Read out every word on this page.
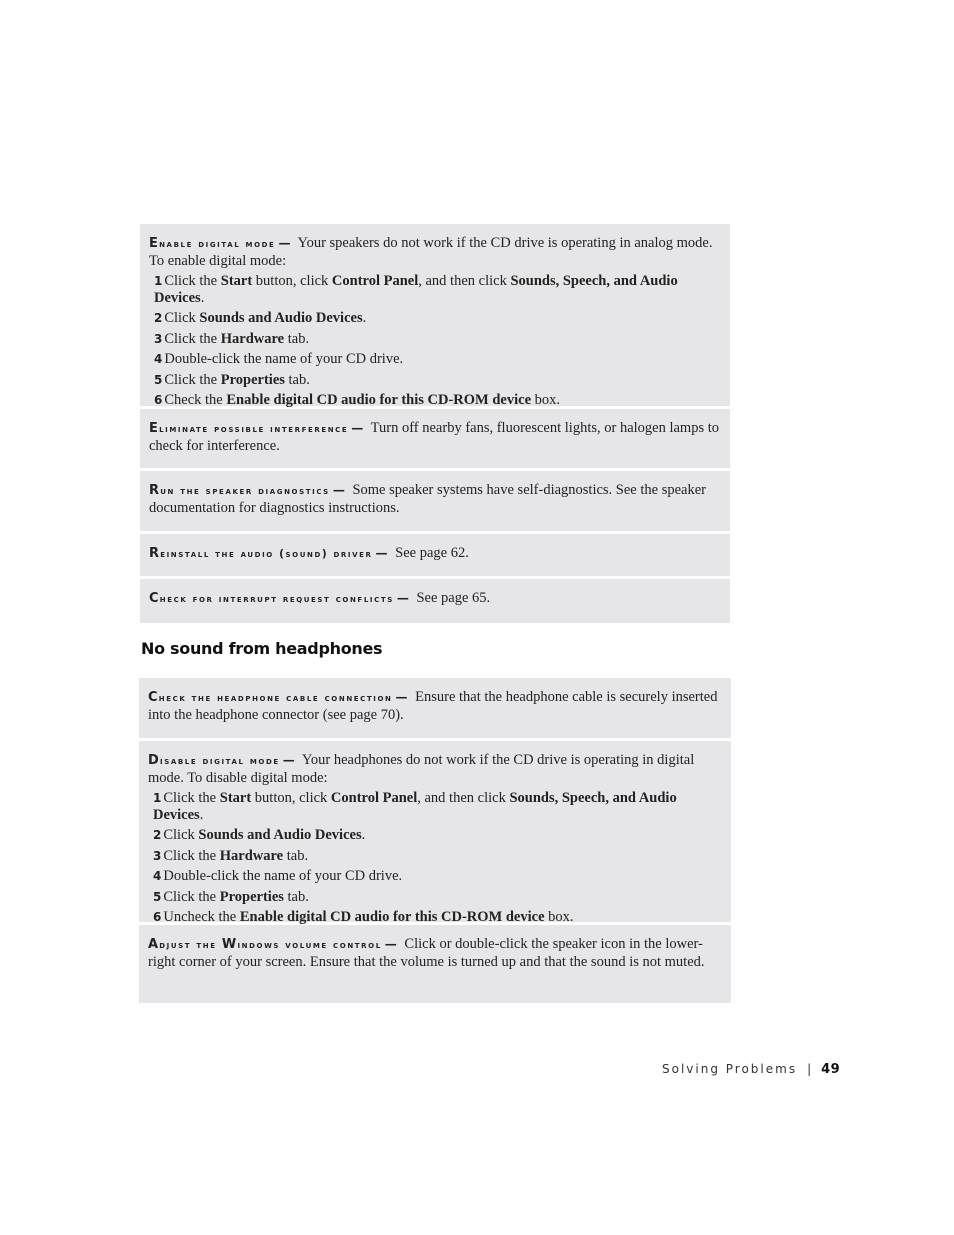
Enable digital mode — Your speakers do not work if the CD drive is operating in analog mode. To enable digital mode:
1 Click the Start button, click Control Panel, and then click Sounds, Speech, and Audio Devices.
2 Click Sounds and Audio Devices.
3 Click the Hardware tab.
4 Double-click the name of your CD drive.
5 Click the Properties tab.
6 Check the Enable digital CD audio for this CD-ROM device box.
Eliminate possible interference — Turn off nearby fans, fluorescent lights, or halogen lamps to check for interference.
Run the speaker diagnostics — Some speaker systems have self-diagnostics. See the speaker documentation for diagnostics instructions.
Reinstall the audio (sound) driver — See page 62.
Check for interrupt request conflicts — See page 65.
No sound from headphones
Check the headphone cable connection — Ensure that the headphone cable is securely inserted into the headphone connector (see page 70).
Disable digital mode — Your headphones do not work if the CD drive is operating in digital mode. To disable digital mode:
1 Click the Start button, click Control Panel, and then click Sounds, Speech, and Audio Devices.
2 Click Sounds and Audio Devices.
3 Click the Hardware tab.
4 Double-click the name of your CD drive.
5 Click the Properties tab.
6 Uncheck the Enable digital CD audio for this CD-ROM device box.
Adjust the Windows volume control — Click or double-click the speaker icon in the lower-right corner of your screen. Ensure that the volume is turned up and that the sound is not muted.
Solving Problems | 49
